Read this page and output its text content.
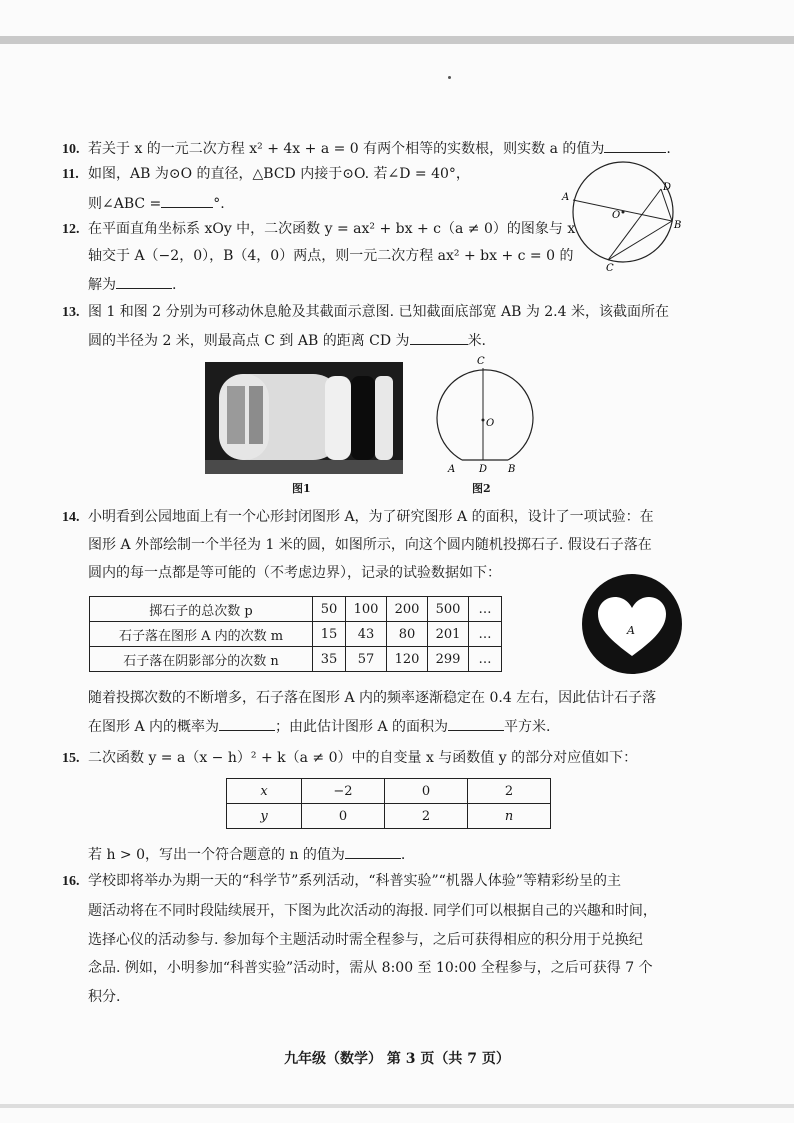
10. 若关于 x 的一元二次方程 x² + 4x + a = 0 有两个相等的实数根，则实数 a 的值为	.
11. 如图，AB 为⊙O 的直径，△BCD 内接于⊙O. 若∠D = 40°，
则∠ABC =	°.	A
B
C
D
O
12. 在平面直角坐标系 xOy 中，二次函数 y = ax² + bx + c（a ≠ 0）的图象与 x
轴交于 A（−2，0），B（4，0）两点，则一元二次方程 ax² + bx + c = 0 的
解为	.
13. 图 1 和图 2 分别为可移动休息舱及其截面示意图. 已知截面底部宽 AB 为 2.4 米，该截面所在
圆的半径为 2 米，则最高点 C 到 AB 的距离 CD 为	米.
图1
C
O
A D B
图2
14. 小明看到公园地面上有一个心形封闭图形 A，为了研究图形 A 的面积，设计了一项试验：在
图形 A 外部绘制一个半径为 1 米的圆，如图所示，向这个圆内随机投掷石子. 假设石子落在
圆内的每一点都是等可能的（不考虑边界），记录的试验数据如下：
掷石子的总次数 p	50	100	200	500	…
石子落在图形 A 内的次数 m	15	43	80	201	…
石子落在阴影部分的次数 n	35	57	120	299	…
A
随着投掷次数的不断增多，石子落在图形 A 内的频率逐渐稳定在 0.4 左右，因此估计石子落
在图形 A 内的概率为	；由此估计图形 A 的面积为	平方米.
15. 二次函数 y = a（x − h）² + k（a ≠ 0）中的自变量 x 与函数值 y 的部分对应值如下：
x	−2	0	2
y	0	2	n
若 h > 0，写出一个符合题意的 n 的值为	.
16. 学校即将举办为期一天的“科学节”系列活动，“科普实验”“机器人体验”等精彩纷呈的主
题活动将在不同时段陆续展开，下图为此次活动的海报. 同学们可以根据自己的兴趣和时间，
选择心仪的活动参与. 参加每个主题活动时需全程参与，之后可获得相应的积分用于兑换纪
念品. 例如，小明参加“科普实验”活动时，需从 8:00 至 10:00 全程参与，之后可获得 7 个
积分.
九年级（数学） 第 3 页（共 7 页）
